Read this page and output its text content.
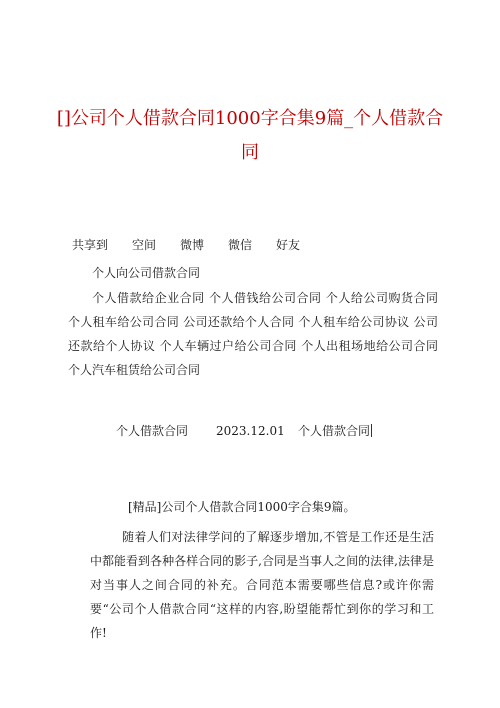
[]公司个人借款合同1000字合集9篇_个人借款合同
共享到	空间	微博	微信	好友

个人向公司借款合同

个人借款给企业合同 个人借钱给公司合同 个人给公司购货合同 个人租车给公司合同 公司还款给个人合同 个人租车给公司协议 公司还款给个人协议 个人车辆过户给公司合同 个人出租场地给公司合同 个人汽车租赁给公司合同

个人借款合同	2023.12.01	个人借款合同

[精品]公司个人借款合同1000字合集9篇。

随着人们对法律学问的了解逐步增加,不管是工作还是生活中都能看到各种各样合同的影子,合同是当事人之间的法律,法律是对当事人之间合同的补充。合同范本需要哪些信息?或许你需要“公司个人借款合同“这样的内容,盼望能帮忙到你的学习和工作!
